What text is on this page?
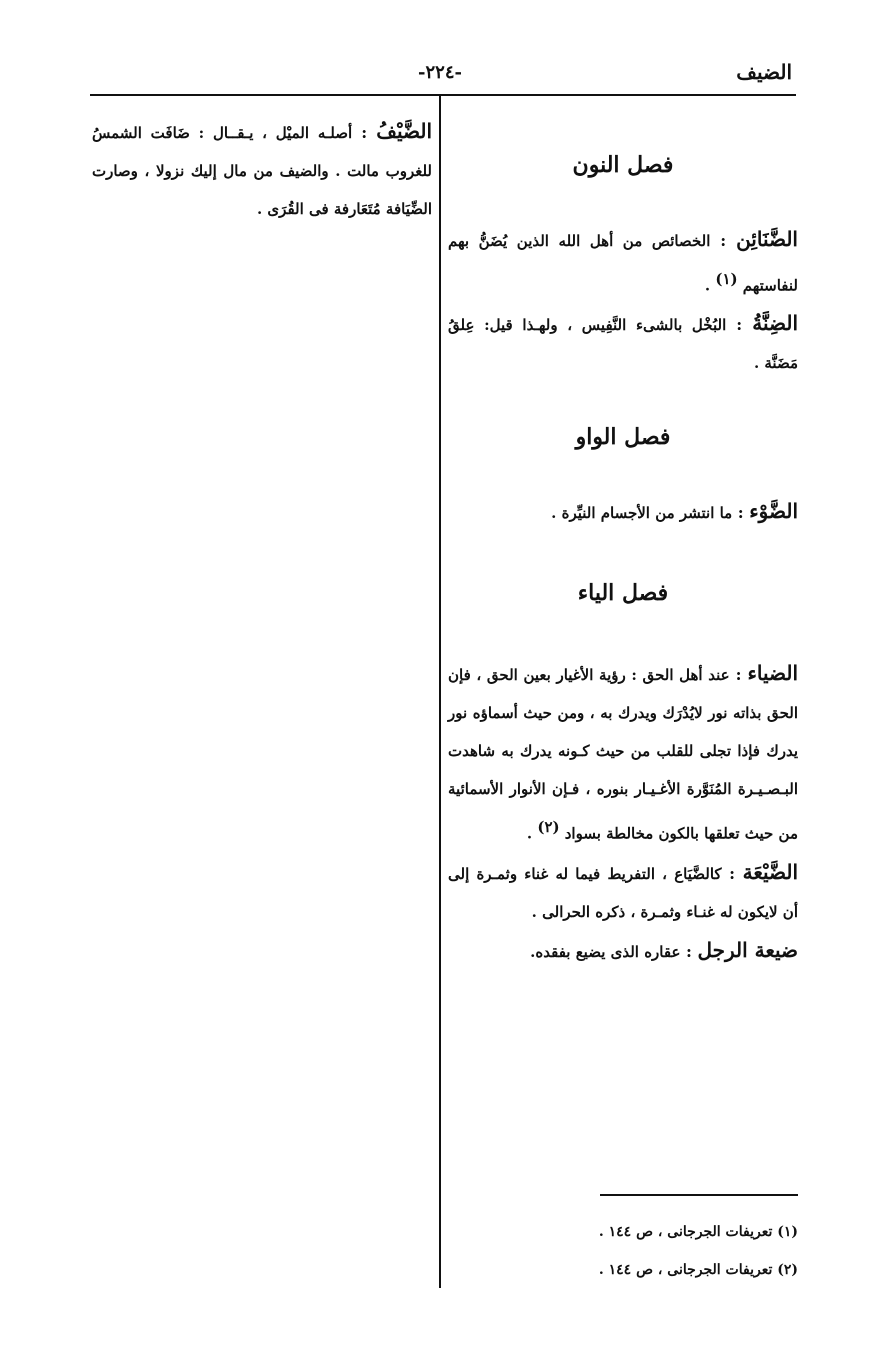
الضيف
-٢٢٤-

الضَّيْفُ : أصلـه الميْل ، يـقــال : ضَافَت الشمسُ للغروب مالت . والضيف من مال إليك نزولا ، وصارت الضِّيَافة مُتَعَارفة فى القُرَى .

فصل النون

الضَّنَائِن : الخصائص من أهل الله الذين يُضَنُّ بهم لنفاستهم $^{(١)}$ .

الضِنَّةُ : البُخْل بالشىء النَّفِيس ، ولهـذا قيل: عِلقُ مَضَنَّة .

فصل الواو

الضَّوْء : ما انتشر من الأجسام النيِّرة .

فصل الياء

الضياء : عند أهل الحق : رؤية الأغيار بعين الحق ، فإن الحق بذاته نور لايُدْرَك ويدرك به ، ومن حيث أسماؤه نور يدرك فإذا تجلى للقلب من حيث كـونه يدرك به شاهدت البـصـيـرة المُنَوَّرة الأغـيـار بنوره ، فـإن الأنوار الأسمائية من حيث تعلقها بالكون مخالطة بسواد $^{(٢)}$ .

الضَّيْعَة : كالضَّيَاع ، التفريط فيما له غناء وثمـرة إلى أن لايكون له غنـاء وثمـرة ، ذكره الحرالى .

ضيعة الرجل : عقاره الذى يضيع بفقده.

(١) تعريفات الجرجانى ، ص ١٤٤ .
(٢) تعريفات الجرجانى ، ص ١٤٤ .
